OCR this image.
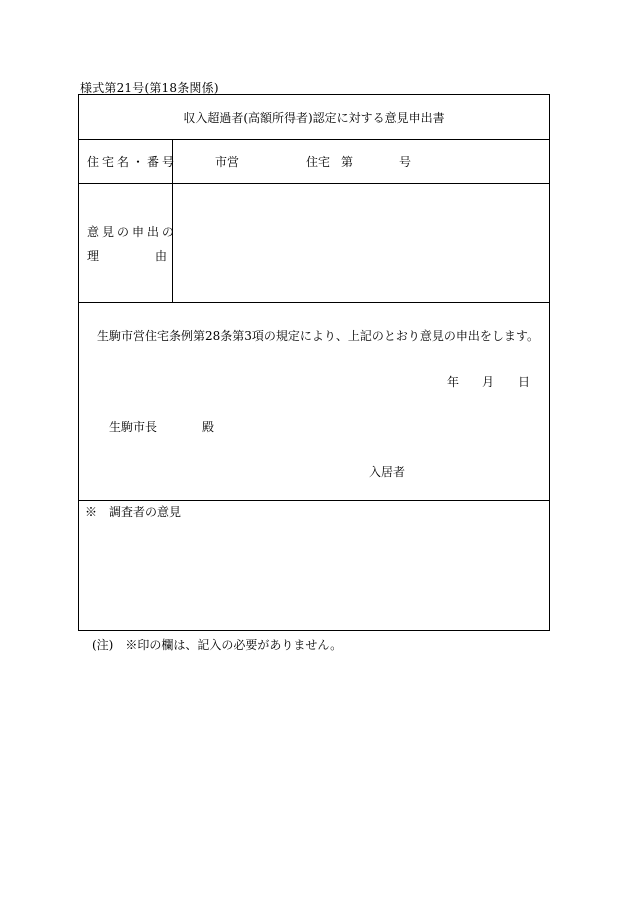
様式第21号(第18条関係)
収入超過者(高額所得者)認定に対する意見申出書
住宅名・番号	市営	住宅 第	号
意見の申出の
理	由
生駒市営住宅条例第28条第3項の規定により、上記のとおり意見の申出をします。
年 月 日
生駒市長	殿
入居者
※　調査者の意見
(注)　※印の欄は、記入の必要がありません。
